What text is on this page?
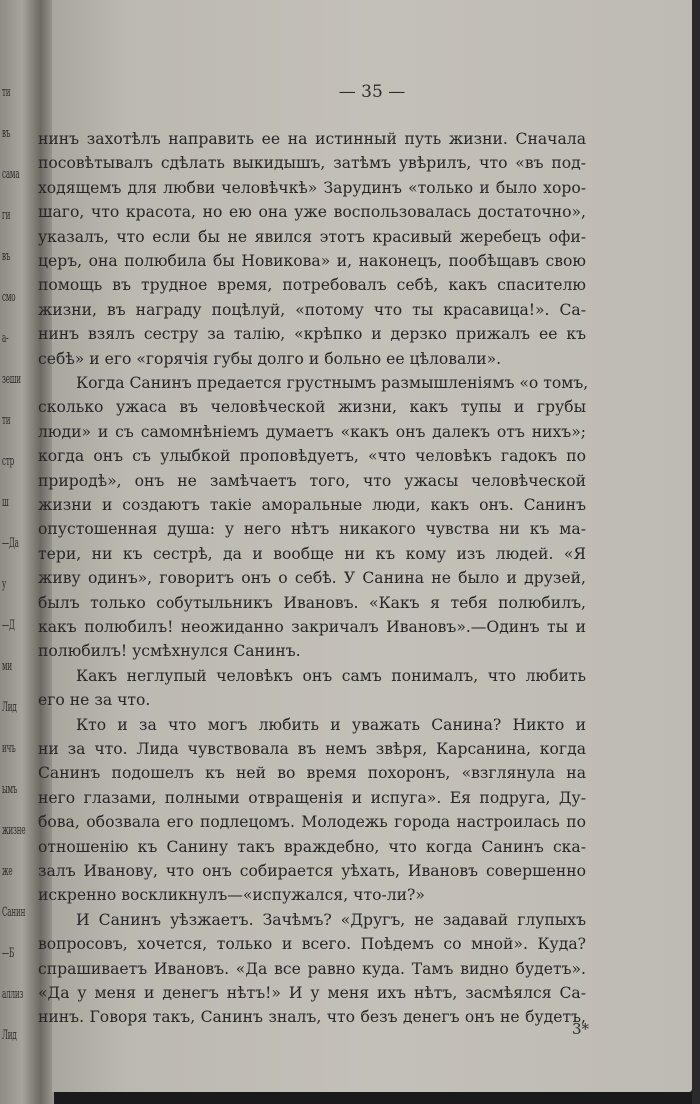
ти
въ
сама
ги
въ
смо
а-
зеши
ти
стр
ш
—Да
у
—Д
ми
Лид
ичъ
ымъ
жизне
же
Санин
—Б
аллиз
Лид
— 35 —
нинъ захотѣлъ направить ее на истинный путь жизни. Сначала
посовѣтывалъ сдѣлать выкидышъ, затѣмъ увѣрилъ, что «въ под-
ходящемъ для любви человѣчкѣ» Зарудинъ «только и было хоро-
шаго, что красота, но ею она уже воспользовалась достаточно»,
указалъ, что если бы не явился этотъ красивый жеребецъ офи-
церъ, она полюбила бы Новикова» и, наконецъ, пообѣщавъ свою
помощь въ трудное время, потребовалъ себѣ, какъ спасителю
жизни, въ награду поцѣлуй, «потому что ты красавица!». Са-
нинъ взялъ сестру за талію, «крѣпко и дерзко прижалъ ее къ
себѣ» и его «горячія губы долго и больно ее цѣловали».
Когда Санинъ предается грустнымъ размышленіямъ «о томъ,
сколько ужаса въ человѣческой жизни, какъ тупы и грубы
люди» и съ самомнѣніемъ думаетъ «какъ онъ далекъ отъ нихъ»;
когда онъ съ улыбкой проповѣдуетъ, «что человѣкъ гадокъ по
природѣ», онъ не замѣчаетъ того, что ужасы человѣческой
жизни и создаютъ такіе аморальные люди, какъ онъ. Санинъ
опустошенная душа: у него нѣтъ никакого чувства ни къ ма-
тери, ни къ сестрѣ, да и вообще ни къ кому изъ людей. «Я
живу одинъ», говоритъ онъ о себѣ. У Санина не было и друзей,
былъ только собутыльникъ Ивановъ. «Какъ я тебя полюбилъ,
какъ полюбилъ! неожиданно закричалъ Ивановъ».—Одинъ ты и
полюбилъ! усмѣхнулся Санинъ.
Какъ неглупый человѣкъ онъ самъ понималъ, что любить
его не за что.
Кто и за что могъ любить и уважать Санина? Никто и
ни за что. Лида чувствовала въ немъ звѣря, Карсанина, когда
Санинъ подошелъ къ ней во время похоронъ, «взглянула на
него глазами, полными отвращенія и испуга». Ея подруга, Ду-
бова, обозвала его подлецомъ. Молодежь города настроилась по
отношенію къ Санину такъ враждебно, что когда Санинъ ска-
залъ Иванову, что онъ собирается уѣхать, Ивановъ совершенно
искренно воскликнулъ—«испужался, что-ли?»
И Санинъ уѣзжаетъ. Зачѣмъ? «Другъ, не задавай глупыхъ
вопросовъ, хочется, только и всего. Поѣдемъ со мной». Куда?
спрашиваетъ Ивановъ. «Да все равно куда. Тамъ видно будетъ».
«Да у меня и денегъ нѣтъ!» И у меня ихъ нѣтъ, засмѣялся Са-
нинъ. Говоря такъ, Санинъ зналъ, что безъ денегъ онъ не будетъ,
3*
